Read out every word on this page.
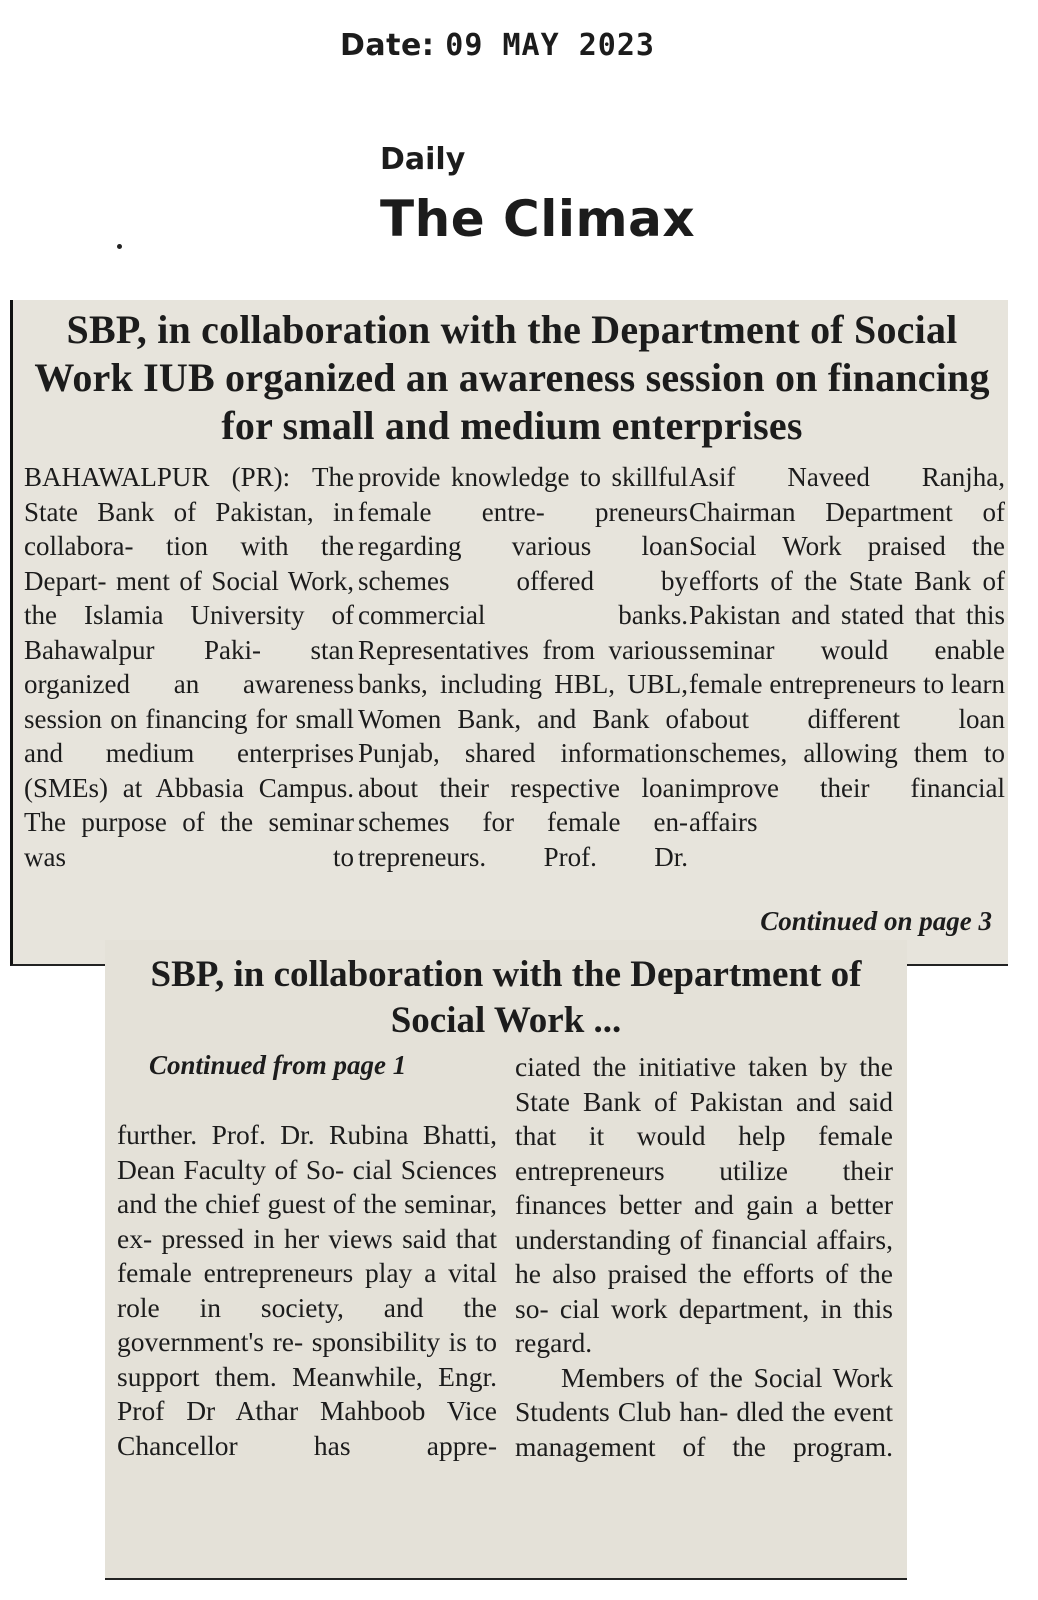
Date: 09 MAY 2023
Daily
The Climax
SBP, in collaboration with the Department of Social Work IUB organized an awareness session on financing for small and medium enterprises
BAHAWALPUR (PR): The State Bank of Pakistan, in collabora- tion with the Depart- ment of Social Work, the Islamia University of Bahawalpur Paki- stan organized an awareness session on financing for small and medium enterprises (SMEs) at Abbasia Campus. The purpose of the seminar was to
provide knowledge to skillful female entre- preneurs regarding various loan schemes offered by commercial banks. Representatives from various banks, including HBL, UBL, Women Bank, and Bank of Punjab, shared information about their respective loan schemes for female en- trepreneurs. Prof. Dr.
Asif Naveed Ranjha, Chairman Department of Social Work praised the efforts of the State Bank of Pakistan and stated that this seminar would enable female entrepreneurs to learn about different loan schemes, allowing them to improve their financial affairs
Continued on page 3
SBP, in collaboration with the Department of Social Work ...
Continued from page 1
further. Prof. Dr. Rubina Bhatti, Dean Faculty of So- cial Sciences and the chief guest of the seminar, ex- pressed in her views said that female entrepreneurs play a vital role in society, and the government's re- sponsibility is to support them. Meanwhile, Engr. Prof Dr Athar Mahboob Vice Chancellor has appre-
ciated the initiative taken by the State Bank of Pakistan and said that it would help female entrepreneurs utilize their finances better and gain a better understanding of financial affairs, he also praised the efforts of the so- cial work department, in this regard.
Members of the Social Work Students Club han- dled the event management of the program.
